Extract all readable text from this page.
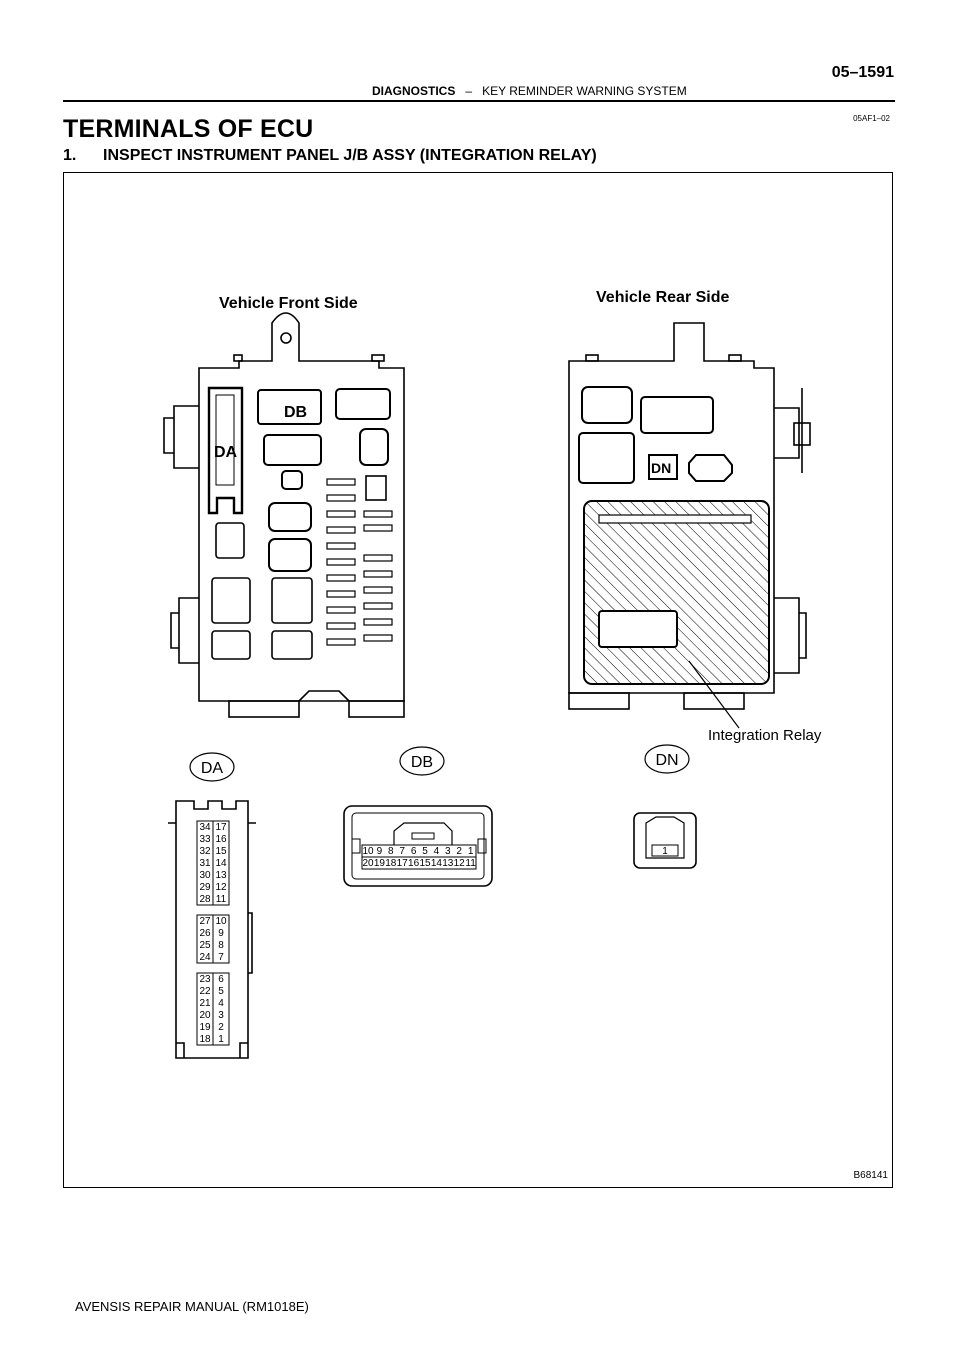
05–1591
DIAGNOSTICS – KEY REMINDER WARNING SYSTEM
05AF1–02
TERMINALS OF ECU
1.      INSPECT INSTRUMENT PANEL J/B ASSY (INTEGRATION RELAY)
DA
DB
DN
DA	DB	DN
34 17
33 16
32 15
31 14
30 13
29 12
28 11
27 10
26 9
25 8
24 7
23 6
22 5
21 4
20 3
19 2
18 1
10 9 8 7 6 5 4 3 2 1
20 19 18 17 16 15 14 13 12 11
1
Vehicle Front Side	Vehicle Rear Side
Integration Relay
B68141
AVENSIS REPAIR MANUAL (RM1018E)
